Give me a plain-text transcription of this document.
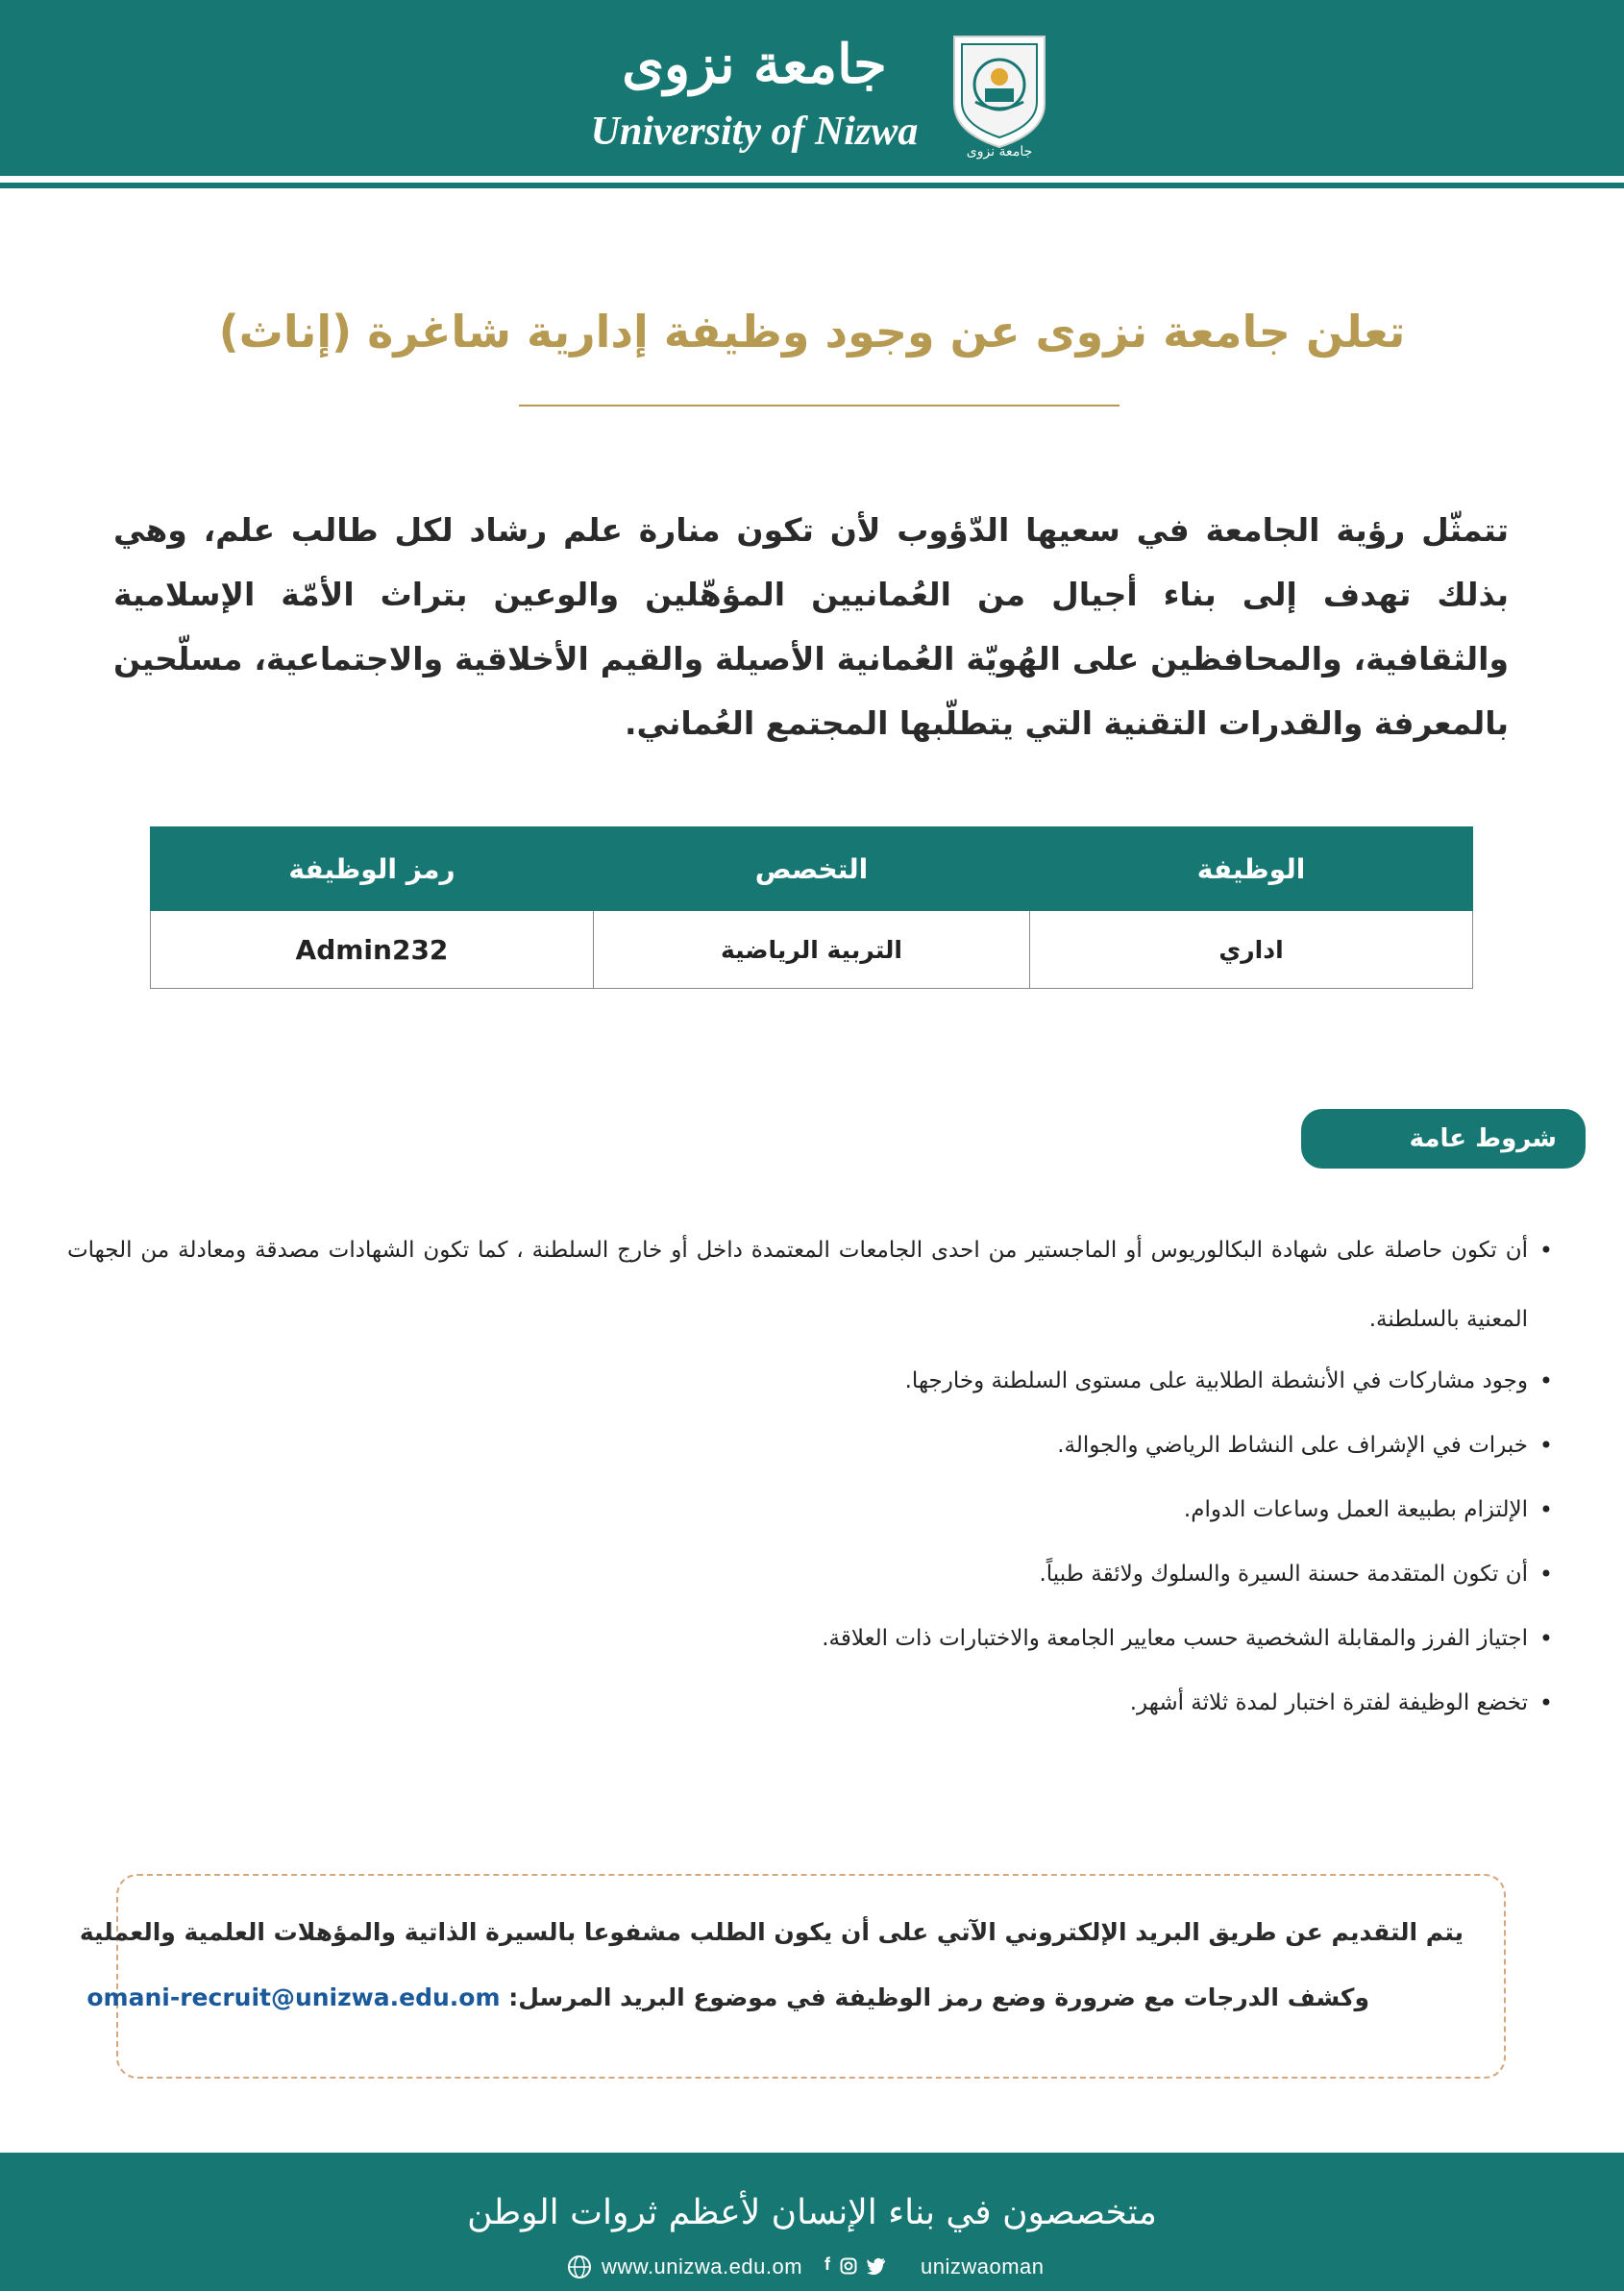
جامعة نزوى
University of Nizwa	جامعة نزوى
تعلن جامعة نزوى عن وجود وظيفة إدارية شاغرة (إناث)
تتمثّل رؤية الجامعة في سعيها الدّؤوب لأن تكون منارة علم رشاد لكل طالب علم، وهي بذلك تهدف إلى بناء أجيال من العُمانيين المؤهّلين والوعين بتراث الأمّة الإسلامية والثقافية، والمحافظين على الهُويّة العُمانية الأصيلة والقيم الأخلاقية والاجتماعية، مسلّحين بالمعرفة والقدرات التقنية التي يتطلّبها المجتمع العُماني.
الوظيفة	التخصص	رمز الوظيفة
اداري	التربية الرياضية	Admin232
شروط عامة
• أن تكون حاصلة على شهادة البكالوريوس أو الماجستير من احدى الجامعات المعتمدة داخل أو خارج السلطنة ، كما تكون الشهادات مصدقة ومعادلة من الجهات المعنية بالسلطنة.
• وجود مشاركات في الأنشطة الطلابية على مستوى السلطنة وخارجها.
• خبرات في الإشراف على النشاط الرياضي والجوالة.
• الإلتزام بطبيعة العمل وساعات الدوام.
• أن تكون المتقدمة حسنة السيرة والسلوك ولائقة طبياً.
• اجتياز الفرز والمقابلة الشخصية حسب معايير الجامعة والاختبارات ذات العلاقة.
• تخضع الوظيفة لفترة اختبار لمدة ثلاثة أشهر.
يتم التقديم عن طريق البريد الإلكتروني الآتي على أن يكون الطلب مشفوعا بالسيرة الذاتية والمؤهلات العلمية والعملية
وكشف الدرجات مع ضرورة وضع رمز الوظيفة في موضوع البريد المرسل: omani-recruit@unizwa.edu.om
متخصصون في بناء الإنسان لأعظم ثروات الوطن
www.unizwa.edu.om f	unizwaoman
